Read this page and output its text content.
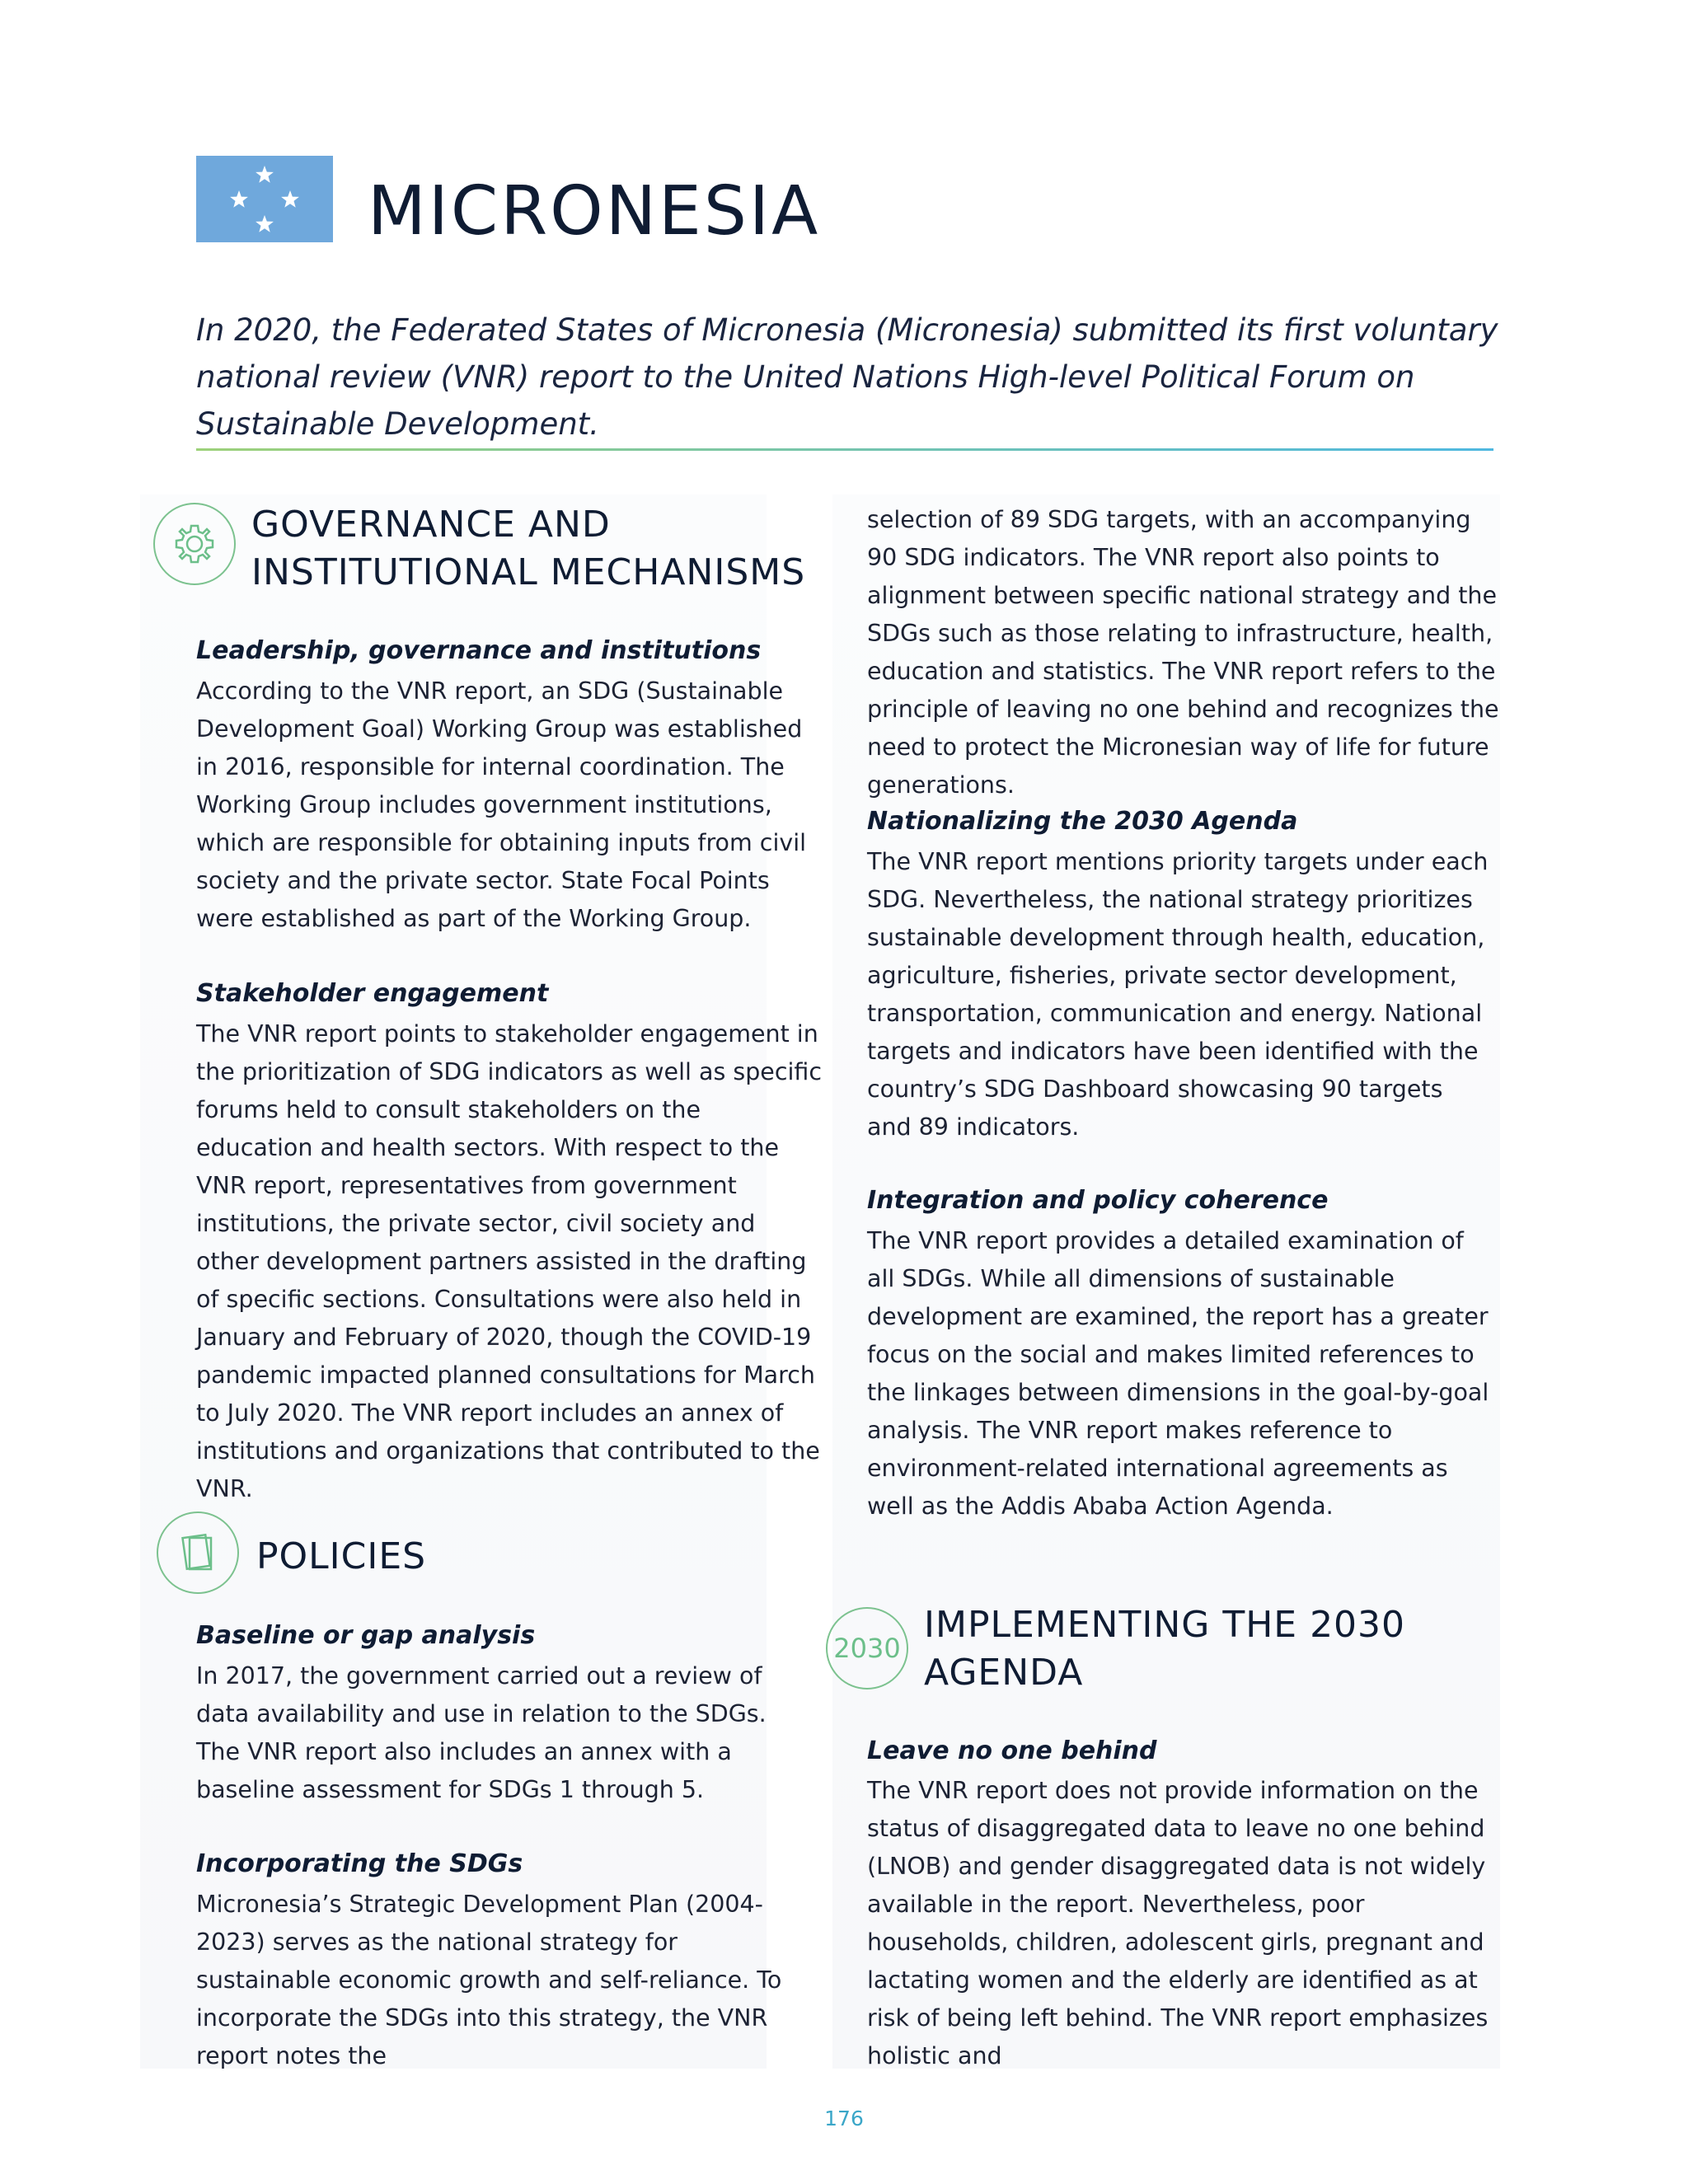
MICRONESIA

In 2020, the Federated States of Micronesia (Micronesia) submitted its first voluntary national review (VNR) report to the United Nations High-level Political Forum on Sustainable Development.

GOVERNANCE AND
INSTITUTIONAL MECHANISMS
Leadership, governance and institutions

According to the VNR report, an SDG (Sustainable Development Goal) Working Group was established in 2016, responsible for internal coordination. The Working Group includes government institutions, which are responsible for obtaining inputs from civil society and the private sector. State Focal Points were established as part of the Working Group.

Stakeholder engagement

The VNR report points to stakeholder engagement in the prioritization of SDG indicators as well as specific forums held to consult stakeholders on the education and health sectors. With respect to the VNR report, representatives from government institutions, the private sector, civil society and other development partners assisted in the drafting of specific sections. Consultations were also held in January and February of 2020, though the COVID-19 pandemic impacted planned consultations for March to July 2020. The VNR report includes an annex of institutions and organizations that contributed to the VNR.

POLICIES
Baseline or gap analysis

In 2017, the government carried out a review of data availability and use in relation to the SDGs. The VNR report also includes an annex with a baseline assessment for SDGs 1 through 5.

Incorporating the SDGs

Micronesia’s Strategic Development Plan (2004-2023) serves as the national strategy for sustainable economic growth and self-reliance. To incorporate the SDGs into this strategy, the VNR report notes the

selection of 89 SDG targets, with an accompanying 90 SDG indicators. The VNR report also points to alignment between specific national strategy and the SDGs such as those relating to infrastructure, health, education and statistics. The VNR report refers to the principle of leaving no one behind and recognizes the need to protect the Micronesian way of life for future generations.

Nationalizing the 2030 Agenda

The VNR report mentions priority targets under each SDG. Nevertheless, the national strategy prioritizes sustainable development through health, education, agriculture, fisheries, private sector development, transportation, communication and energy. National targets and indicators have been identified with the country’s SDG Dashboard showcasing 90 targets and 89 indicators.

Integration and policy coherence

The VNR report provides a detailed examination of all SDGs. While all dimensions of sustainable development are examined, the report has a greater focus on the social and makes limited references to the linkages between dimensions in the goal-by-goal analysis. The VNR report makes reference to environment-related international agreements as well as the Addis Ababa Action Agenda.

2030
IMPLEMENTING THE 2030
AGENDA
Leave no one behind

The VNR report does not provide information on the status of disaggregated data to leave no one behind (LNOB) and gender disaggregated data is not widely available in the report. Nevertheless, poor households, children, adolescent girls, pregnant and lactating women and the elderly are identified as at risk of being left behind. The VNR report emphasizes holistic and

176
